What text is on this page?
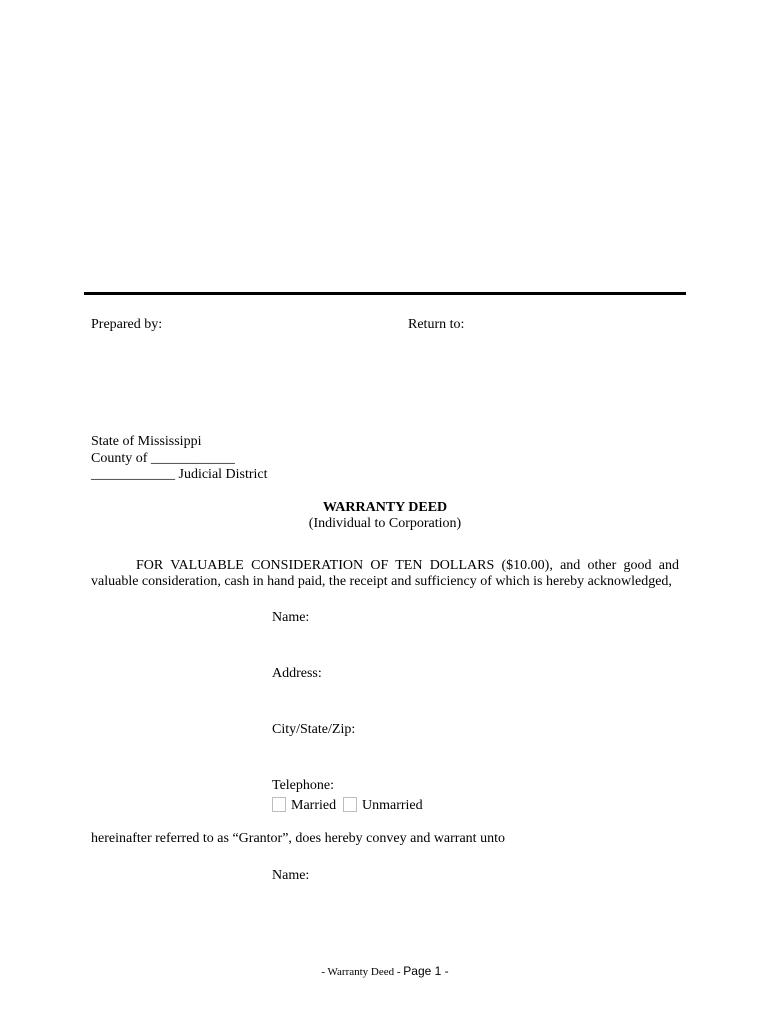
Prepared by:	Return to:
State of Mississippi
County of ____________
____________ Judicial District
WARRANTY DEED
(Individual to Corporation)
FOR VALUABLE CONSIDERATION OF TEN DOLLARS ($10.00), and other good and
valuable consideration, cash in hand paid, the receipt and sufficiency of which is hereby acknowledged,
Name:
Address:
City/State/Zip:
Telephone:
Married Unmarried
hereinafter referred to as “Grantor”, does hereby convey and warrant unto
Name:
- Warranty Deed - Page 1 -
